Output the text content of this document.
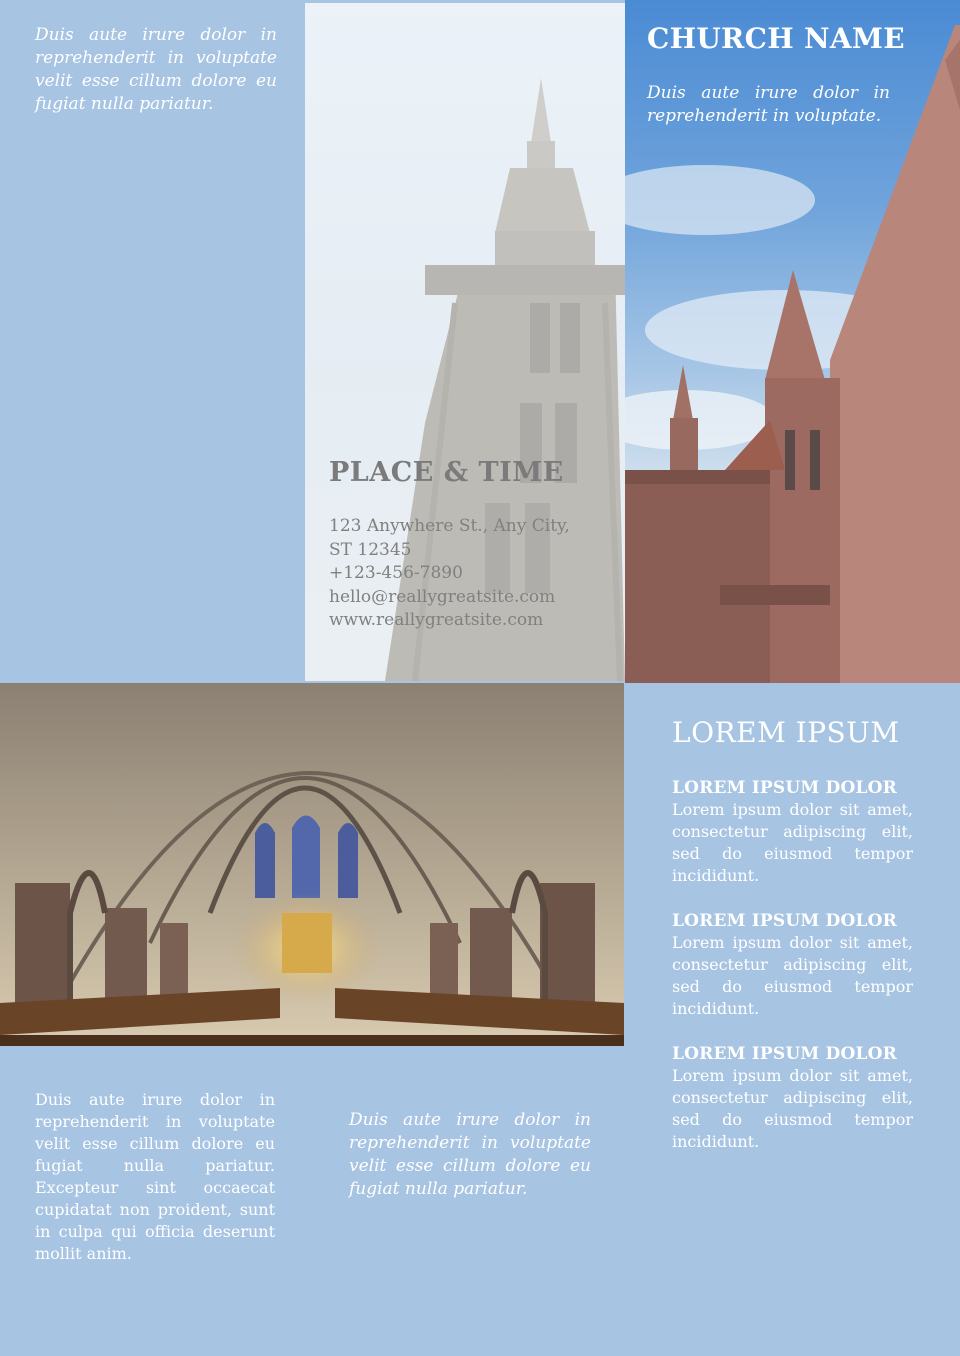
Duis aute irure dolor in reprehenderit in voluptate velit esse cillum dolore eu fugiat nulla pariatur.
PLACE & TIME
123 Anywhere St., Any City,
ST 12345
+123-456-7890
hello@reallygreatsite.com
www.reallygreatsite.com
CHURCH NAME
Duis aute irure dolor in reprehenderit in voluptate.
LOREM IPSUM
LOREM IPSUM DOLOR
Lorem ipsum dolor sit amet, consectetur adipiscing elit, sed do eiusmod tempor incididunt.
LOREM IPSUM DOLOR
Lorem ipsum dolor sit amet, consectetur adipiscing elit, sed do eiusmod tempor incididunt.
LOREM IPSUM DOLOR
Lorem ipsum dolor sit amet, consectetur adipiscing elit, sed do eiusmod tempor incididunt.
Duis aute irure dolor in reprehenderit in voluptate velit esse cillum dolore eu fugiat nulla pariatur. Excepteur sint occaecat cupidatat non proident, sunt in culpa qui officia deserunt mollit anim.
Duis aute irure dolor in reprehenderit in voluptate velit esse cillum dolore eu fugiat nulla pariatur.
